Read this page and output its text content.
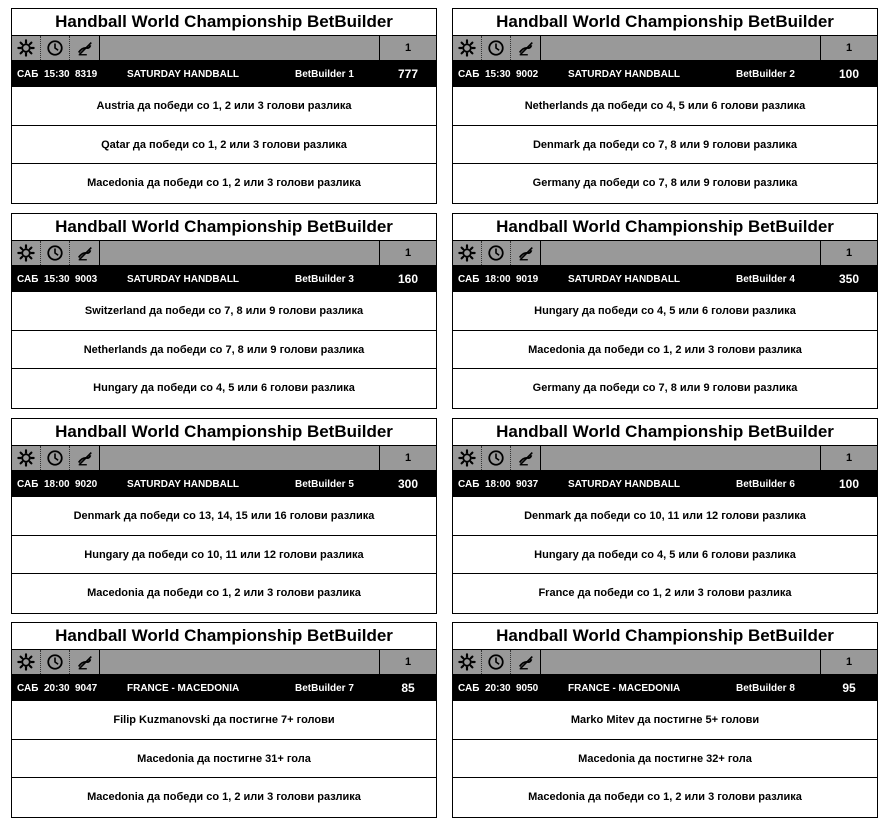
Handball World Championship BetBuilder
1
САБ 15:30 8319	SATURDAY HANDBALL	BetBuilder 1	777
Austria да победи со 1, 2 или 3 голови разлика
Qatar да победи со 1, 2 или 3 голови разлика
Macedonia да победи со 1, 2 или 3 голови разлика
Handball World Championship BetBuilder
1
САБ 15:30 9002	SATURDAY HANDBALL	BetBuilder 2	100
Netherlands да победи со 4, 5 или 6 голови разлика
Denmark да победи со 7, 8 или 9 голови разлика
Germany да победи со 7, 8 или 9 голови разлика
Handball World Championship BetBuilder
1
САБ 15:30 9003	SATURDAY HANDBALL	BetBuilder 3	160
Switzerland да победи со 7, 8 или 9 голови разлика
Netherlands да победи со 7, 8 или 9 голови разлика
Hungary да победи со 4, 5 или 6 голови разлика
Handball World Championship BetBuilder
1
САБ 18:00 9019	SATURDAY HANDBALL	BetBuilder 4	350
Hungary да победи со 4, 5 или 6 голови разлика
Macedonia да победи со 1, 2 или 3 голови разлика
Germany да победи со 7, 8 или 9 голови разлика
Handball World Championship BetBuilder
1
САБ 18:00 9020	SATURDAY HANDBALL	BetBuilder 5	300
Denmark да победи со 13, 14, 15 или 16 голови разлика
Hungary да победи со 10, 11 или 12 голови разлика
Macedonia да победи со 1, 2 или 3 голови разлика
Handball World Championship BetBuilder
1
САБ 18:00 9037	SATURDAY HANDBALL	BetBuilder 6	100
Denmark да победи со 10, 11 или 12 голови разлика
Hungary да победи со 4, 5 или 6 голови разлика
France да победи со 1, 2 или 3 голови разлика
Handball World Championship BetBuilder
1
САБ 20:30 9047	FRANCE - MACEDONIA	BetBuilder 7	85
Filip Kuzmanovski да постигне 7+ голови
Macedonia да постигне 31+ гола
Macedonia да победи со 1, 2 или 3 голови разлика
Handball World Championship BetBuilder
1
САБ 20:30 9050	FRANCE - MACEDONIA	BetBuilder 8	95
Marko Mitev да постигне 5+ голови
Macedonia да постигне 32+ гола
Macedonia да победи со 1, 2 или 3 голови разлика
